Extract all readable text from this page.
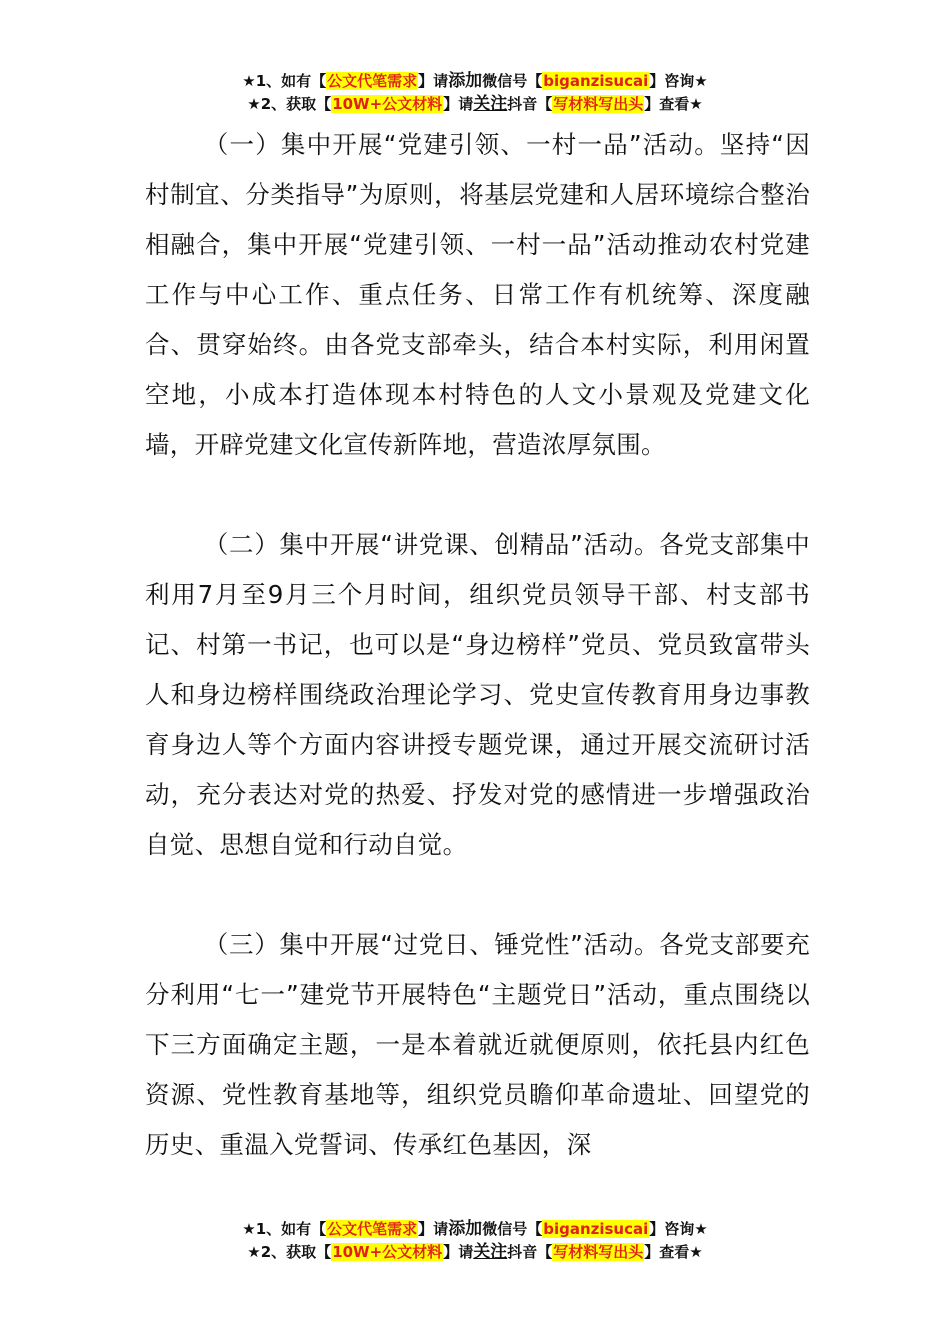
★1、如有【公文代笔需求】请添加微信号【biganzisucai】咨询★
★2、获取【10W+公文材料】请关注抖音【写材料写出头】查看★

（一）集中开展“党建引领、一村一品”活动。坚持“因村制宜、分类指导”为原则，将基层党建和人居环境综合整治相融合，集中开展“党建引领、一村一品”活动推动农村党建工作与中心工作、重点任务、日常工作有机统筹、深度融合、贯穿始终。由各党支部牵头，结合本村实际，利用闲置空地，小成本打造体现本村特色的人文小景观及党建文化墙，开辟党建文化宣传新阵地，营造浓厚氛围。

（二）集中开展“讲党课、创精品”活动。各党支部集中利用7月至9月三个月时间，组织党员领导干部、村支部书记、村第一书记，也可以是“身边榜样”党员、党员致富带头人和身边榜样围绕政治理论学习、党史宣传教育用身边事教育身边人等个方面内容讲授专题党课，通过开展交流研讨活动，充分表达对党的热爱、抒发对党的感情进一步增强政治自觉、思想自觉和行动自觉。

（三）集中开展“过党日、锤党性”活动。各党支部要充分利用“七一”建党节开展特色“主题党日”活动，重点围绕以下三方面确定主题，一是本着就近就便原则，依托县内红色资源、党性教育基地等，组织党员瞻仰革命遗址、回望党的历史、重温入党誓词、传承红色基因，深

★1、如有【公文代笔需求】请添加微信号【biganzisucai】咨询★
★2、获取【10W+公文材料】请关注抖音【写材料写出头】查看★
